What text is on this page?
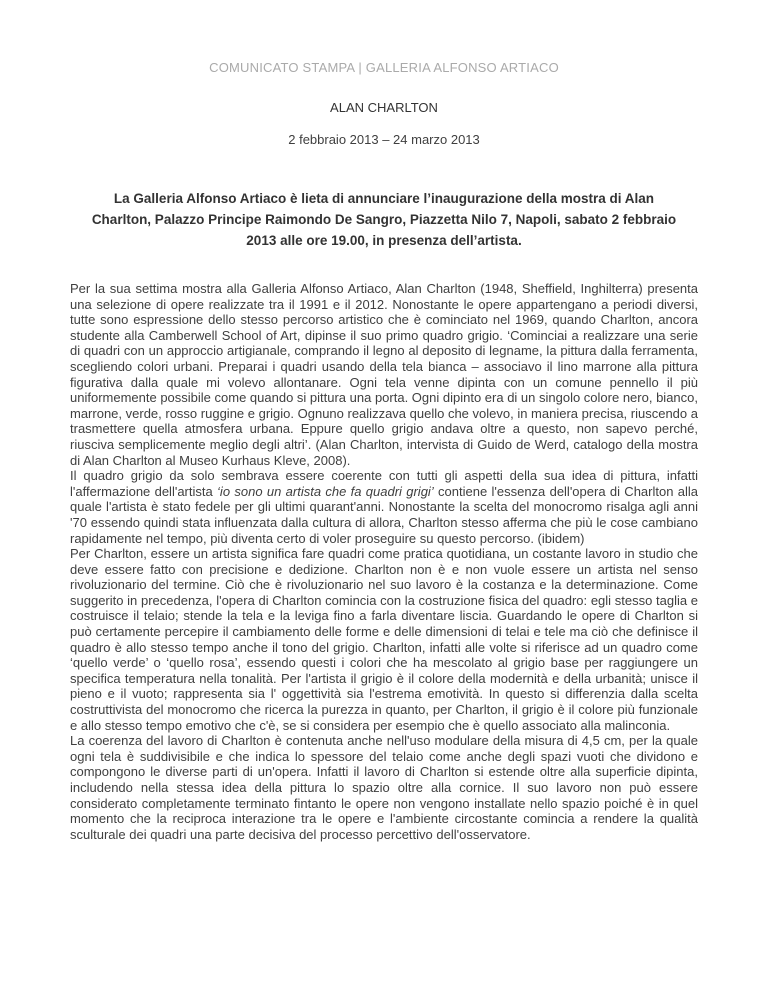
COMUNICATO STAMPA | GALLERIA ALFONSO ARTIACO

ALAN CHARLTON

2 febbraio 2013 – 24 marzo 2013

La Galleria Alfonso Artiaco è lieta di annunciare l’inaugurazione della mostra di Alan Charlton, Palazzo Principe Raimondo De Sangro, Piazzetta Nilo 7, Napoli, sabato 2 febbraio 2013 alle ore 19.00, in presenza dell’artista.

Per la sua settima mostra alla Galleria Alfonso Artiaco, Alan Charlton (1948, Sheffield, Inghilterra) presenta una selezione di opere realizzate tra il 1991 e il 2012. Nonostante le opere appartengano a periodi diversi, tutte sono espressione dello stesso percorso artistico che è cominciato nel 1969, quando Charlton, ancora studente alla Camberwell School of Art, dipinse il suo primo quadro grigio. ‘Cominciai a realizzare una serie di quadri con un approccio artigianale, comprando il legno al deposito di legname, la pittura dalla ferramenta, scegliendo colori urbani. Preparai i quadri usando della tela bianca – associavo il lino marrone alla pittura figurativa dalla quale mi volevo allontanare. Ogni tela venne dipinta con un comune pennello il più uniformemente possibile come quando si pittura una porta. Ogni dipinto era di un singolo colore nero, bianco, marrone, verde, rosso ruggine e grigio. Ognuno realizzava quello che volevo, in maniera precisa, riuscendo a trasmettere quella atmosfera urbana. Eppure quello grigio andava oltre a questo, non sapevo perché, riusciva semplicemente meglio degli altri’. (Alan Charlton, intervista di Guido de Werd, catalogo della mostra di Alan Charlton al Museo Kurhaus Kleve, 2008).

Il quadro grigio da solo sembrava essere coerente con tutti gli aspetti della sua idea di pittura, infatti l'affermazione dell'artista ‘io sono un artista che fa quadri grigi’ contiene l'essenza dell'opera di Charlton alla quale l'artista è stato fedele per gli ultimi quarant'anni. Nonostante la scelta del monocromo risalga agli anni '70 essendo quindi stata influenzata dalla cultura di allora, Charlton stesso afferma che più le cose cambiano rapidamente nel tempo, più diventa certo di voler proseguire su questo percorso. (ibidem)

Per Charlton, essere un artista significa fare quadri come pratica quotidiana, un costante lavoro in studio che deve essere fatto con precisione e dedizione. Charlton non è e non vuole essere un artista nel senso rivoluzionario del termine. Ciò che è rivoluzionario nel suo lavoro è la costanza e la determinazione. Come suggerito in precedenza, l'opera di Charlton comincia con la costruzione fisica del quadro: egli stesso taglia e costruisce il telaio; stende la tela e la leviga fino a farla diventare liscia. Guardando le opere di Charlton si può certamente percepire il cambiamento delle forme e delle dimensioni di telai e tele ma ciò che definisce il quadro è allo stesso tempo anche il tono del grigio. Charlton, infatti alle volte si riferisce ad un quadro come ‘quello verde’ o ‘quello rosa’, essendo questi i colori che ha mescolato al grigio base per raggiungere un specifica temperatura nella tonalità. Per l'artista il grigio è il colore della modernità e della urbanità; unisce il pieno e il vuoto; rappresenta sia l' oggettività sia l'estrema emotività. In questo si differenzia dalla scelta costruttivista del monocromo che ricerca la purezza in quanto, per Charlton, il grigio è il colore più funzionale e allo stesso tempo emotivo che c'è, se si considera per esempio che è quello associato alla malinconia.

La coerenza del lavoro di Charlton è contenuta anche nell'uso modulare della misura di 4,5 cm, per la quale ogni tela è suddivisibile e che indica lo spessore del telaio come anche degli spazi vuoti che dividono e compongono le diverse parti di un'opera. Infatti il lavoro di Charlton si estende oltre alla superficie dipinta, includendo nella stessa idea della pittura lo spazio oltre alla cornice. Il suo lavoro non può essere considerato completamente terminato fintanto le opere non vengono installate nello spazio poiché è in quel momento che la reciproca interazione tra le opere e l'ambiente circostante comincia a rendere la qualità sculturale dei quadri una parte decisiva del processo percettivo dell'osservatore.
